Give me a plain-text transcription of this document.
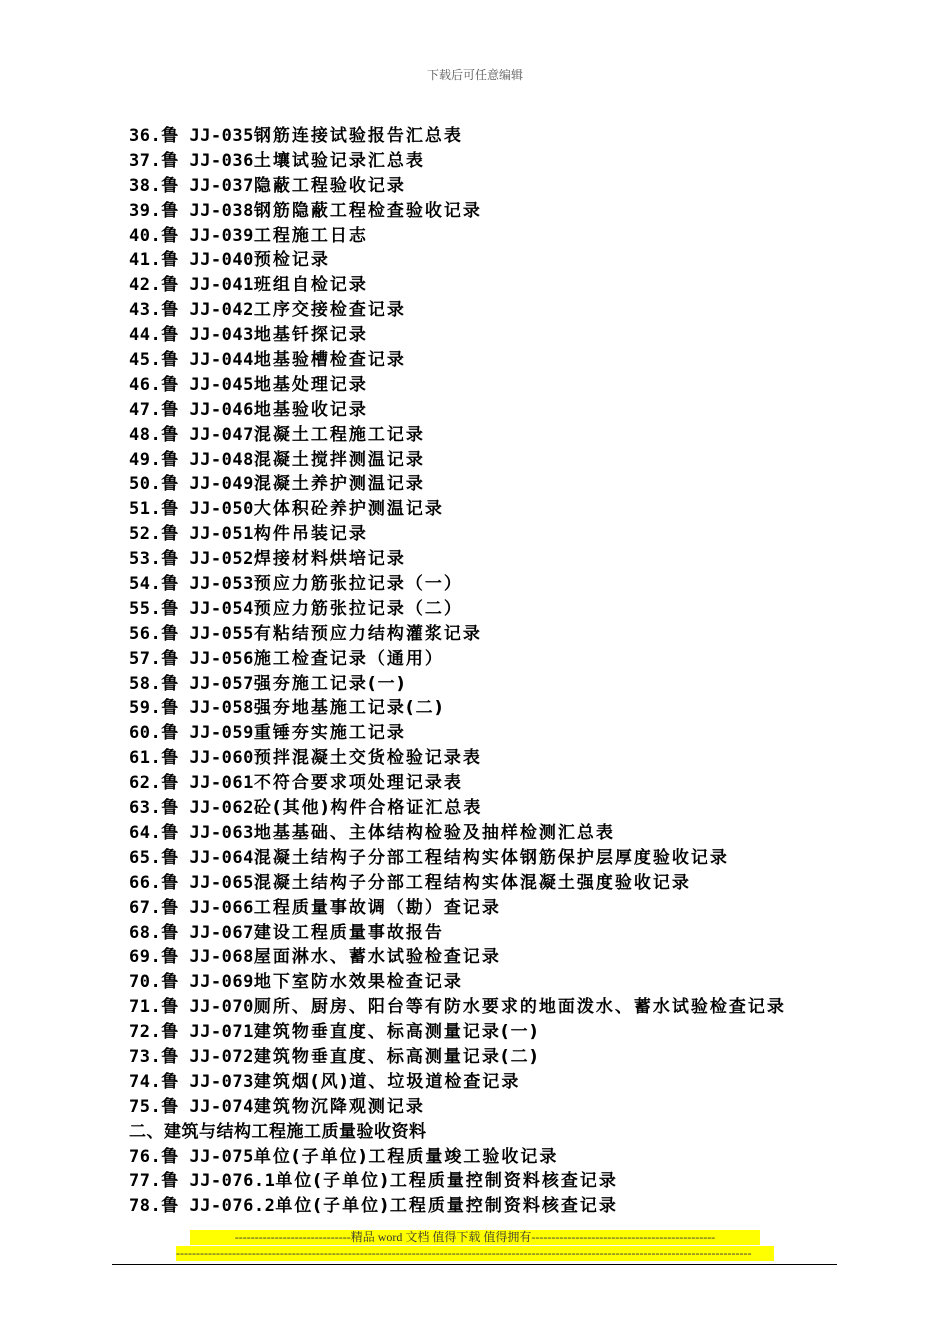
下载后可任意编辑
36.鲁 JJ-035钢筋连接试验报告汇总表
37.鲁 JJ-036土壤试验记录汇总表
38.鲁 JJ-037隐蔽工程验收记录
39.鲁 JJ-038钢筋隐蔽工程检查验收记录
40.鲁 JJ-039工程施工日志
41.鲁 JJ-040预检记录
42.鲁 JJ-041班组自检记录
43.鲁 JJ-042工序交接检查记录
44.鲁 JJ-043地基钎探记录
45.鲁 JJ-044地基验槽检查记录
46.鲁 JJ-045地基处理记录
47.鲁 JJ-046地基验收记录
48.鲁 JJ-047混凝土工程施工记录
49.鲁 JJ-048混凝土搅拌测温记录
50.鲁 JJ-049混凝土养护测温记录
51.鲁 JJ-050大体积砼养护测温记录
52.鲁 JJ-051构件吊装记录
53.鲁 JJ-052焊接材料烘培记录
54.鲁 JJ-053预应力筋张拉记录（一）
55.鲁 JJ-054预应力筋张拉记录（二）
56.鲁 JJ-055有粘结预应力结构灌浆记录
57.鲁 JJ-056施工检查记录（通用）
58.鲁 JJ-057强夯施工记录(一)
59.鲁 JJ-058强夯地基施工记录(二)
60.鲁 JJ-059重锤夯实施工记录
61.鲁 JJ-060预拌混凝土交货检验记录表
62.鲁 JJ-061不符合要求项处理记录表
63.鲁 JJ-062砼(其他)构件合格证汇总表
64.鲁 JJ-063地基基础、主体结构检验及抽样检测汇总表
65.鲁 JJ-064混凝土结构子分部工程结构实体钢筋保护层厚度验收记录
66.鲁 JJ-065混凝土结构子分部工程结构实体混凝土强度验收记录
67.鲁 JJ-066工程质量事故调（勘）查记录
68.鲁 JJ-067建设工程质量事故报告
69.鲁 JJ-068屋面淋水、蓄水试验检查记录
70.鲁 JJ-069地下室防水效果检查记录
71.鲁 JJ-070厕所、厨房、阳台等有防水要求的地面泼水、蓄水试验检查记录
72.鲁 JJ-071建筑物垂直度、标高测量记录(一)
73.鲁 JJ-072建筑物垂直度、标高测量记录(二)
74.鲁 JJ-073建筑烟(风)道、垃圾道检查记录
75.鲁 JJ-074建筑物沉降观测记录
二、建筑与结构工程施工质量验收资料
76.鲁 JJ-075单位(子单位)工程质量竣工验收记录
77.鲁 JJ-076.1单位(子单位)工程质量控制资料核查记录
78.鲁 JJ-076.2单位(子单位)工程质量控制资料核查记录
-----------------------------精品 word 文档 值得下载 值得拥有----------------------------------------------
------------------------------------------------------------------------------------------------------------------------------------------------
